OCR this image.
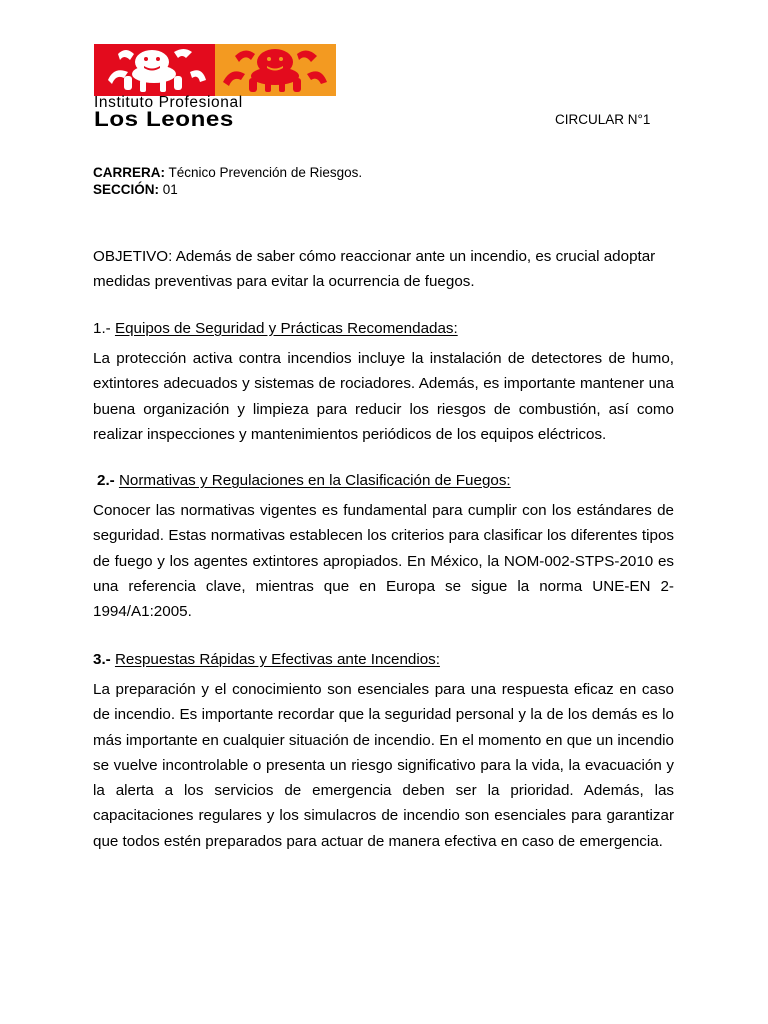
Instituto Profesional
Los Leones	CIRCULAR N°1
CARRERA: Técnico Prevención de Riesgos.
SECCIÓN: 01
OBJETIVO: Además de saber cómo reaccionar ante un incendio, es crucial adoptar medidas preventivas para evitar la ocurrencia de fuegos.
1.- Equipos de Seguridad y Prácticas Recomendadas:
La protección activa contra incendios incluye la instalación de detectores de humo, extintores adecuados y sistemas de rociadores. Además, es importante mantener una buena organización y limpieza para reducir los riesgos de combustión, así como realizar inspecciones y mantenimientos periódicos de los equipos eléctricos.
2.- Normativas y Regulaciones en la Clasificación de Fuegos:
Conocer las normativas vigentes es fundamental para cumplir con los estándares de seguridad. Estas normativas establecen los criterios para clasificar los diferentes tipos de fuego y los agentes extintores apropiados. En México, la NOM-002-STPS-2010 es una referencia clave, mientras que en Europa se sigue la norma UNE-EN 2-1994/A1:2005.
3.- Respuestas Rápidas y Efectivas ante Incendios:
La preparación y el conocimiento son esenciales para una respuesta eficaz en caso de incendio. Es importante recordar que la seguridad personal y la de los demás es lo más importante en cualquier situación de incendio. En el momento en que un incendio se vuelve incontrolable o presenta un riesgo significativo para la vida, la evacuación y la alerta a los servicios de emergencia deben ser la prioridad. Además, las capacitaciones regulares y los simulacros de incendio son esenciales para garantizar que todos estén preparados para actuar de manera efectiva en caso de emergencia.
